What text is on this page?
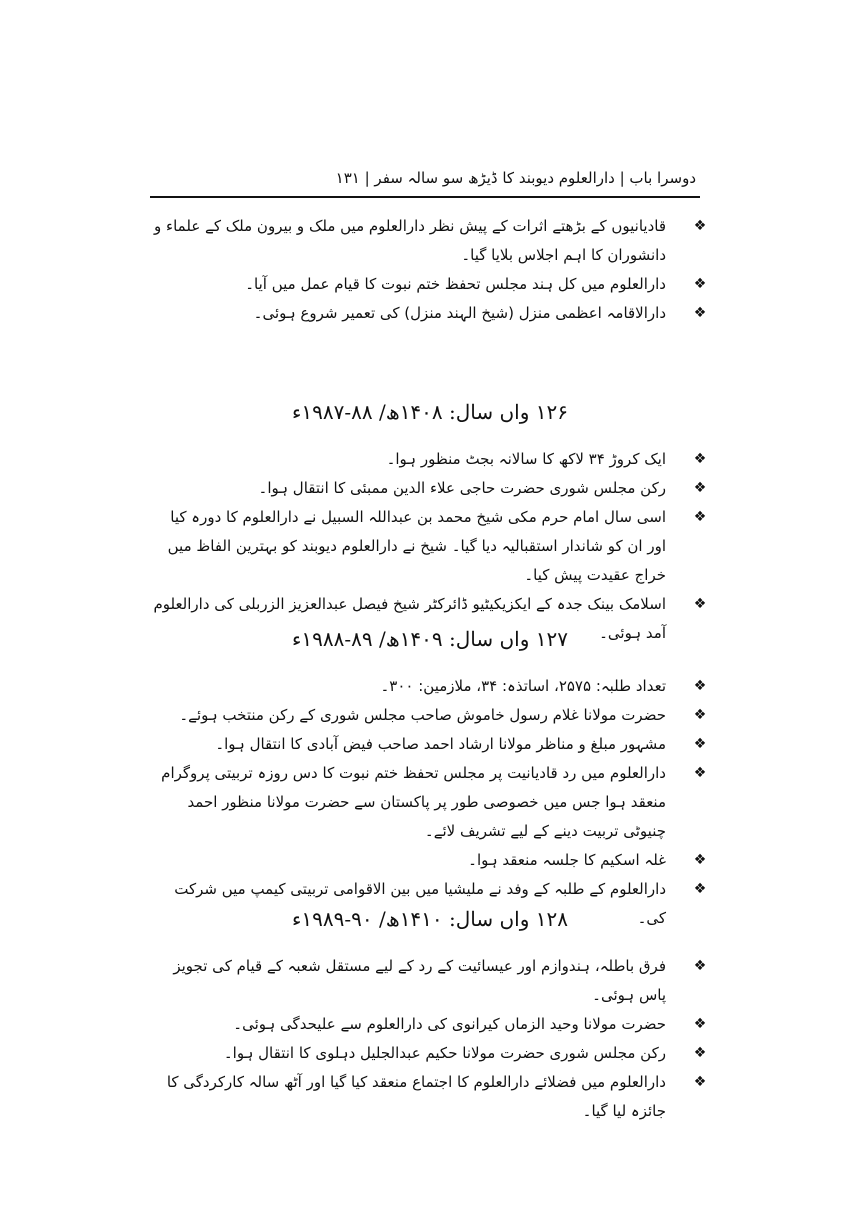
دوسرا باب | دارالعلوم دیوبند کا ڈیڑھ سو سالہ سفر | ۱۳۱
❖
قادیانیوں کے بڑھتے اثرات کے پیش نظر دارالعلوم میں ملک و بیرون ملک کے علماء و دانشوران کا اہم اجلاس بلایا گیا۔
❖
دارالعلوم میں کل ہند مجلس تحفظ ختم نبوت کا قیام عمل میں آیا۔
❖
دارالاقامہ اعظمی منزل (شیخ الہند منزل) کی تعمیر شروع ہوئی۔
۱۲۶ واں سال: ۱۴۰۸ھ/ ۸۸-۱۹۸۷ء
❖
ایک کروڑ ۳۴ لاکھ کا سالانہ بجٹ منظور ہوا۔
❖
رکن مجلس شوری حضرت حاجی علاء الدین ممبئی کا انتقال ہوا۔
❖
اسی سال امام حرم مکی شیخ محمد بن عبداللہ السبیل نے دارالعلوم کا دورہ کیا اور ان کو شاندار استقبالیہ دیا گیا۔ شیخ نے دارالعلوم دیوبند کو بہترین الفاظ میں خراج عقیدت پیش کیا۔
❖
اسلامک بینک جدہ کے ایکزیکیٹیو ڈائرکٹر شیخ فیصل عبدالعزیز الزربلی کی دارالعلوم آمد ہوئی۔
۱۲۷ واں سال: ۱۴۰۹ھ/ ۸۹-۱۹۸۸ء
❖
تعداد طلبہ: ۲۵۷۵، اساتذہ: ۳۴، ملازمین: ۳۰۰۔
❖
حضرت مولانا غلام رسول خاموش صاحب مجلس شوری کے رکن منتخب ہوئے۔
❖
مشہور مبلغ و مناظر مولانا ارشاد احمد صاحب فیض آبادی کا انتقال ہوا۔
❖
دارالعلوم میں رد قادیانیت پر مجلس تحفظ ختم نبوت کا دس روزہ تربیتی پروگرام منعقد ہوا جس میں خصوصی طور پر پاکستان سے حضرت مولانا منظور احمد چنیوٹی تربیت دینے کے لیے تشریف لائے۔
❖
غلہ اسکیم کا جلسہ منعقد ہوا۔
❖
دارالعلوم کے طلبہ کے وفد نے ملیشیا میں بین الاقوامی تربیتی کیمپ میں شرکت کی۔
۱۲۸ واں سال: ۱۴۱۰ھ/ ۹۰-۱۹۸۹ء
❖
فرق باطلہ، ہندوازم اور عیسائیت کے رد کے لیے مستقل شعبہ کے قیام کی تجویز پاس ہوئی۔
❖
حضرت مولانا وحید الزماں کیرانوی کی دارالعلوم سے علیحدگی ہوئی۔
❖
رکن مجلس شوری حضرت مولانا حکیم عبدالجلیل دہلوی کا انتقال ہوا۔
❖
دارالعلوم میں فضلائے دارالعلوم کا اجتماع منعقد کیا گیا اور آٹھ سالہ کارکردگی کا جائزہ لیا گیا۔
